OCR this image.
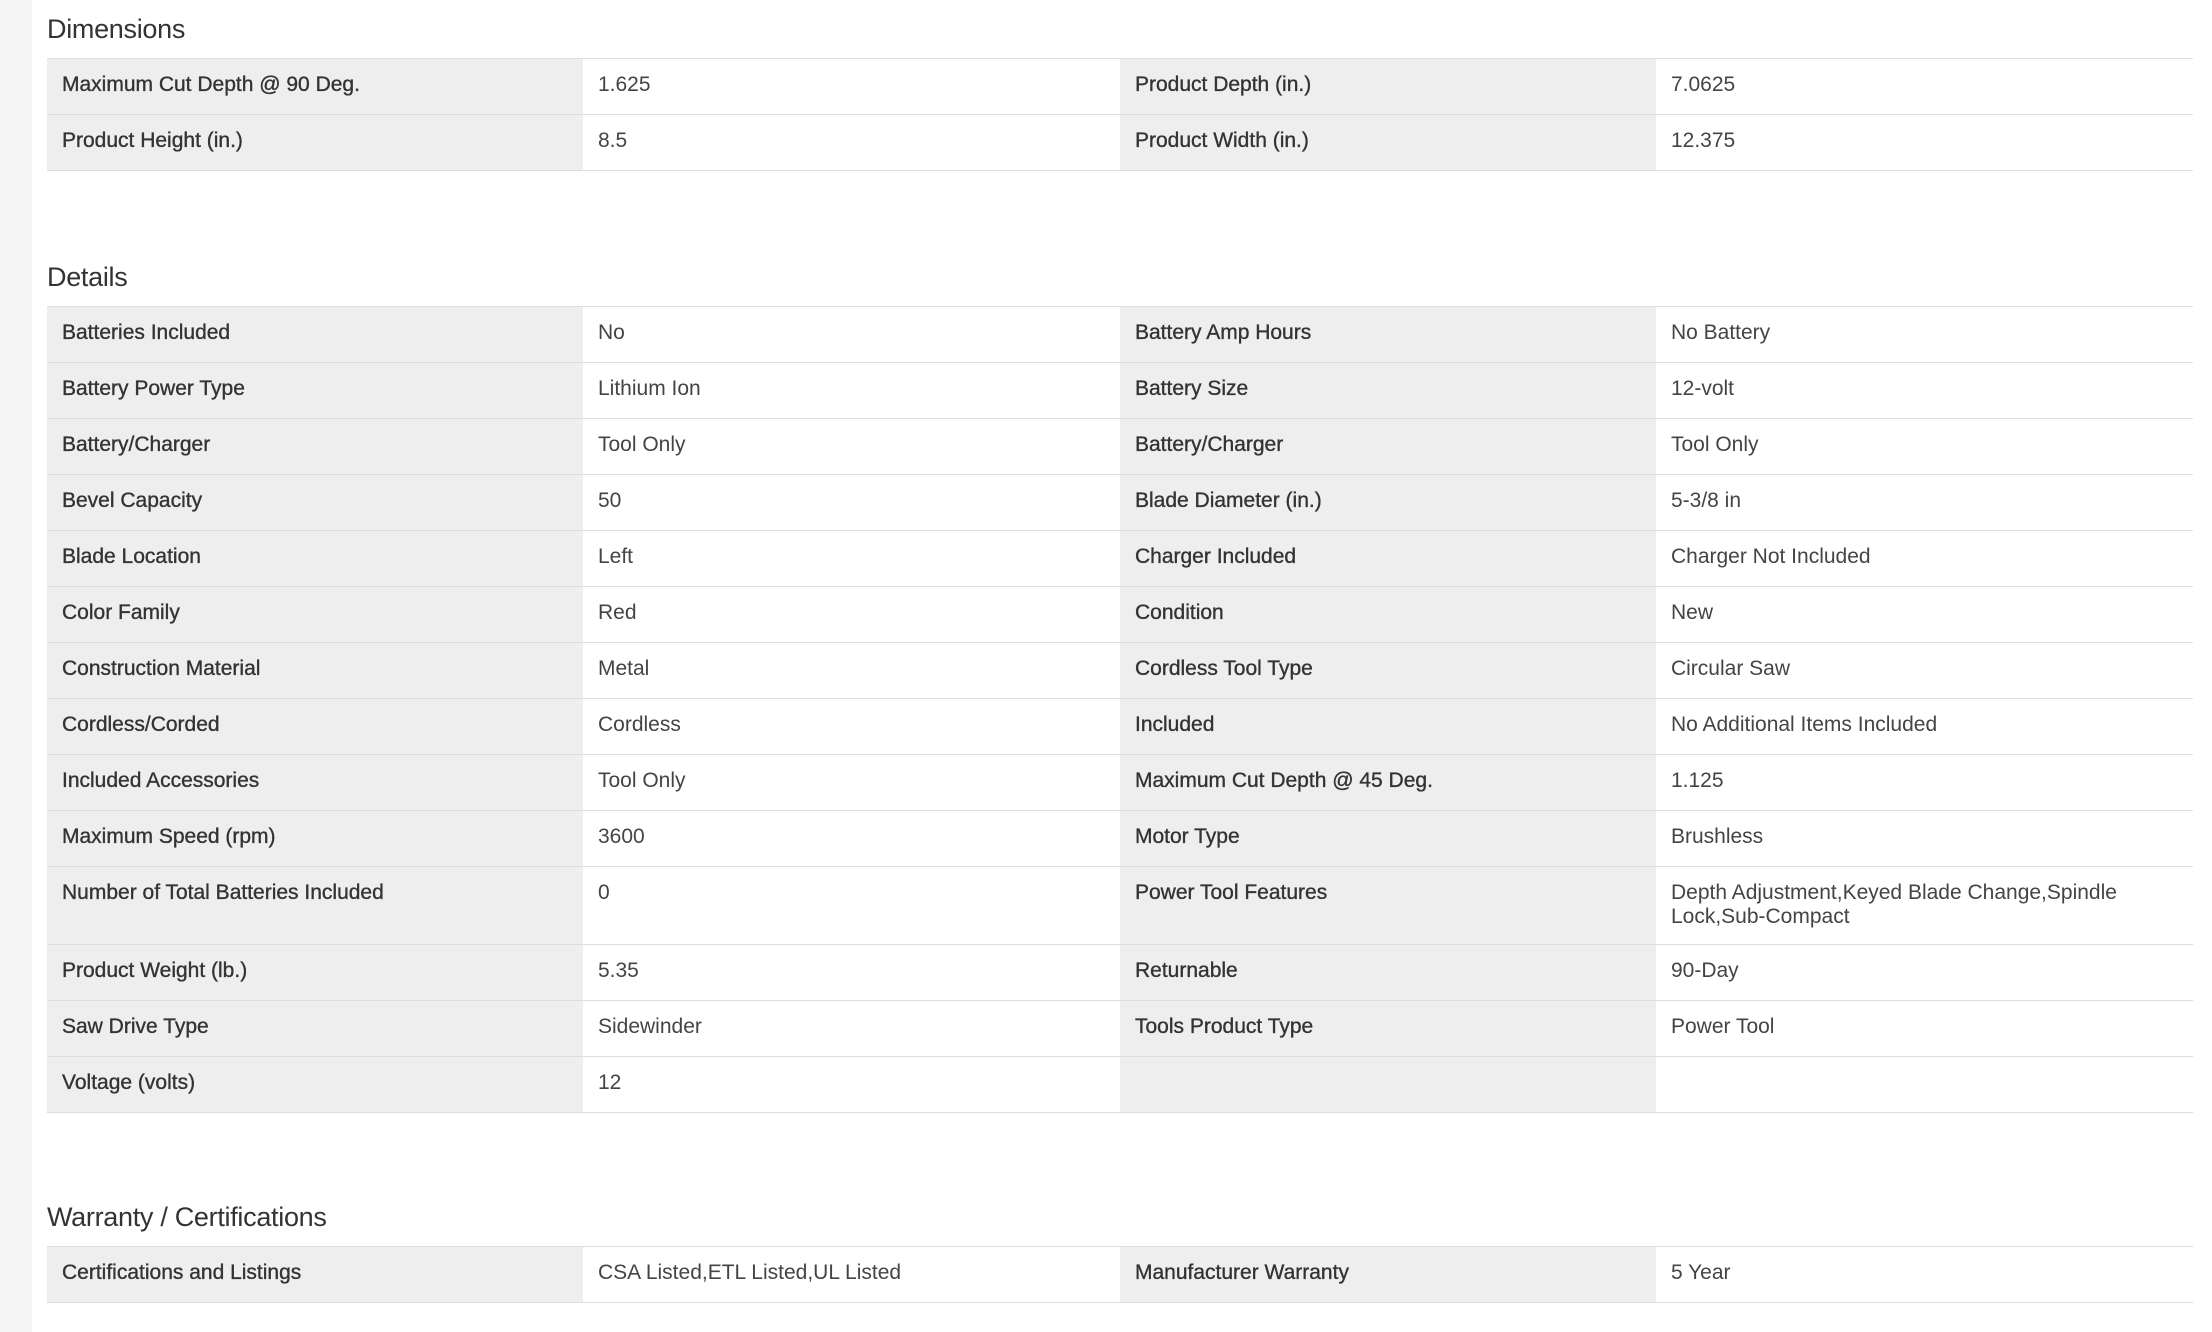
Dimensions
Maximum Cut Depth @ 90 Deg.	1.625	Product Depth (in.)	7.0625
Product Height (in.)	8.5	Product Width (in.)	12.375
Details
Batteries Included	No	Battery Amp Hours	No Battery
Battery Power Type	Lithium Ion	Battery Size	12-volt
Battery/Charger	Tool Only	Battery/Charger	Tool Only
Bevel Capacity	50	Blade Diameter (in.)	5-3/8 in
Blade Location	Left	Charger Included	Charger Not Included
Color Family	Red	Condition	New
Construction Material	Metal	Cordless Tool Type	Circular Saw
Cordless/Corded	Cordless	Included	No Additional Items Included
Included Accessories	Tool Only	Maximum Cut Depth @ 45 Deg.	1.125
Maximum Speed (rpm)	3600	Motor Type	Brushless
Number of Total Batteries Included	0	Power Tool Features	Depth Adjustment,Keyed Blade Change,Spindle Lock,Sub-Compact
Product Weight (lb.)	5.35	Returnable	90-Day
Saw Drive Type	Sidewinder	Tools Product Type	Power Tool
Voltage (volts)	12		
Warranty / Certifications
Certifications and Listings	CSA Listed,ETL Listed,UL Listed	Manufacturer Warranty	5 Year
